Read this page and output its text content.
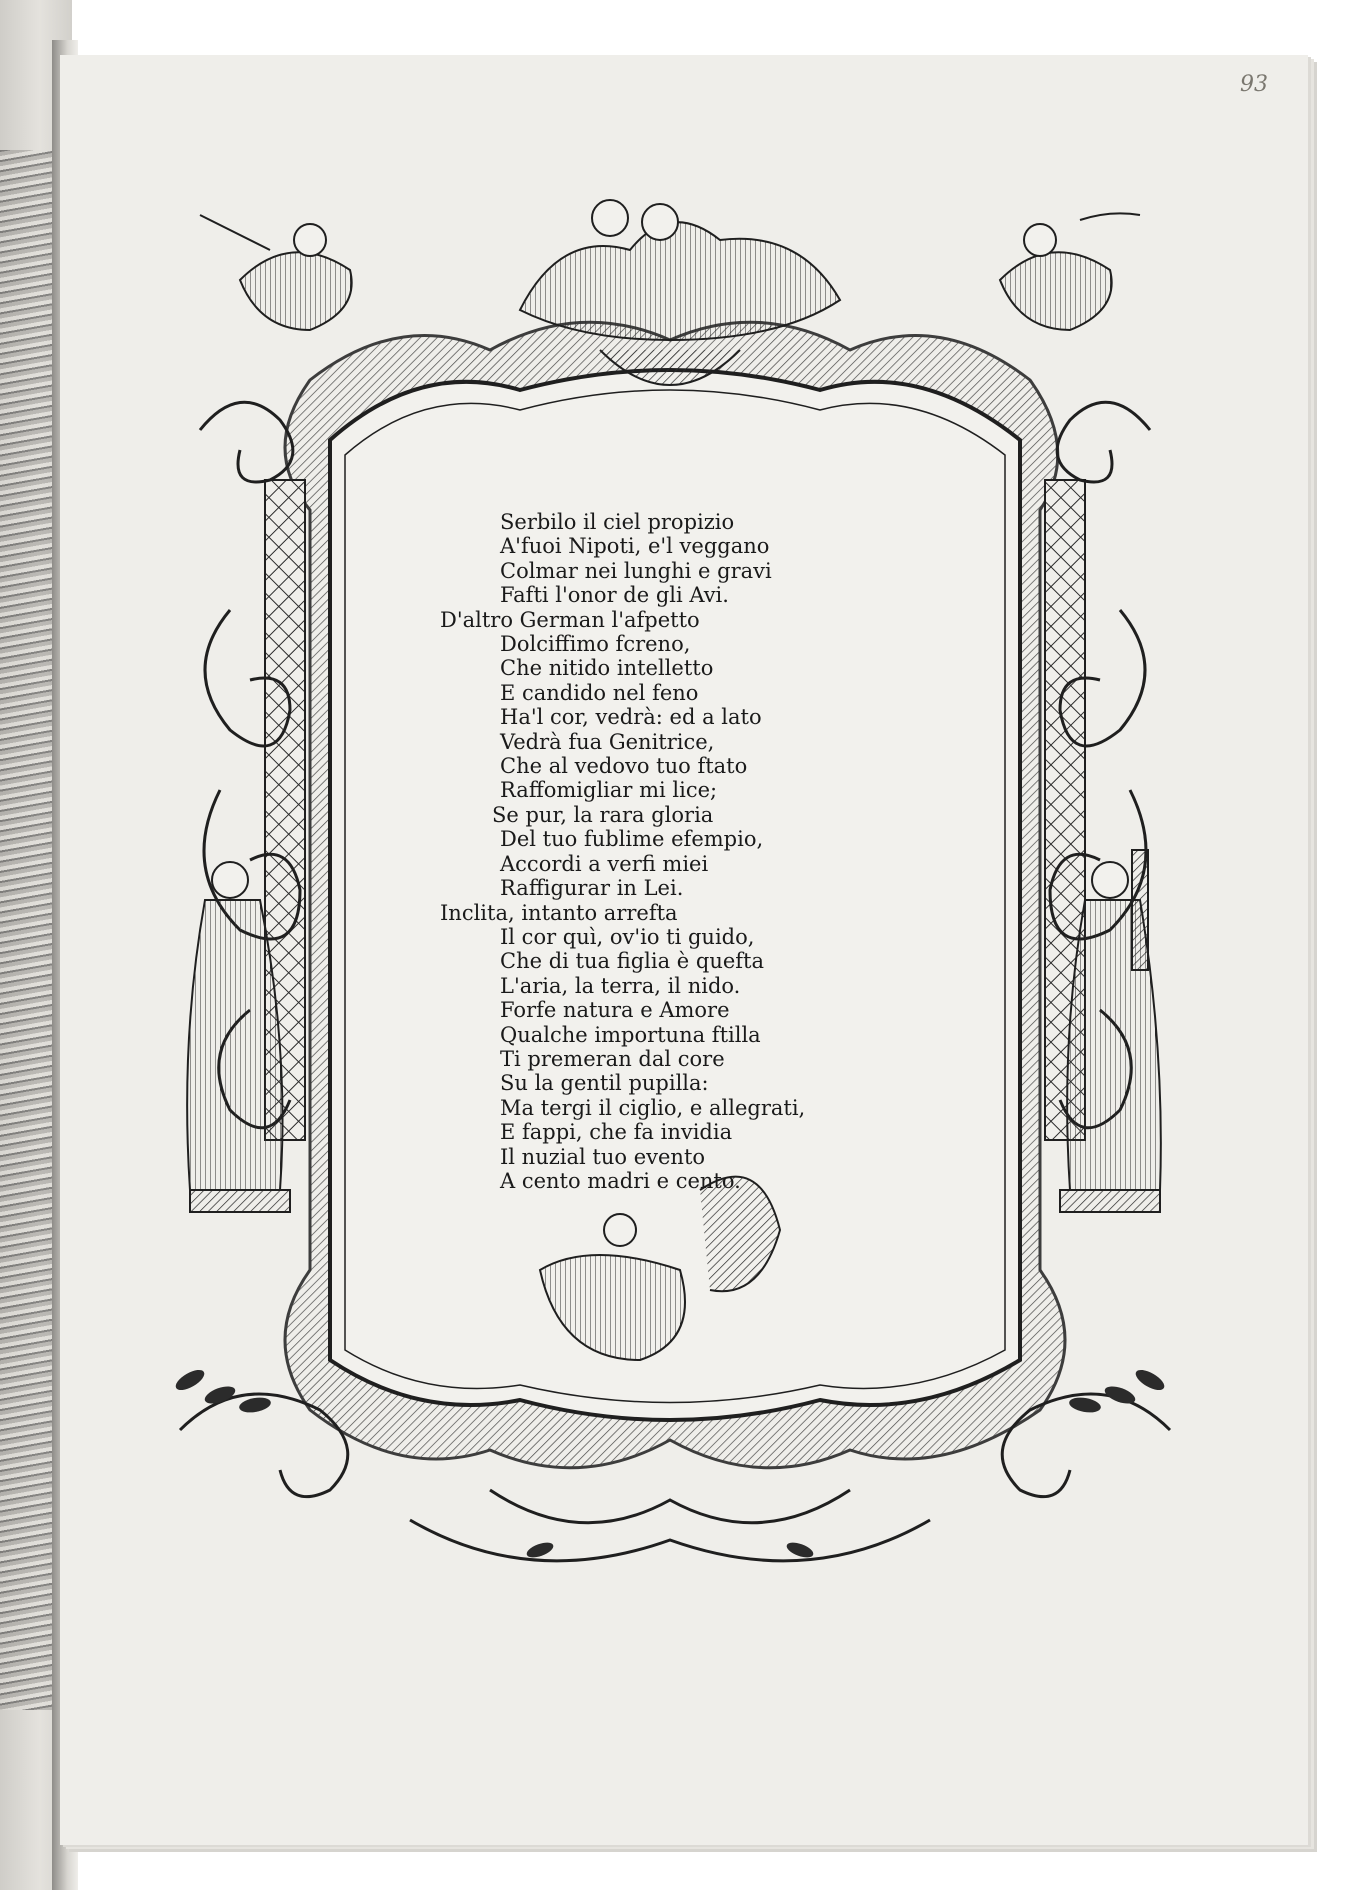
93
Serbilo il ciel propizio
A'fuoi Nipoti, e'l veggano
Colmar nei lunghi e gravi
Fafti l'onor de gli Avi.
D'altro German l'afpetto
Dolciffimo fcreno,
Che nitido intelletto
E candido nel feno
Ha'l cor, vedrà: ed a lato
Vedrà fua Genitrice,
Che al vedovo tuo ftato
Raffomigliar mi lice;
Se pur, la rara gloria
Del tuo fublime efempio,
Accordi a verfi miei
Raffigurar in Lei.
Inclita, intanto arrefta
Il cor quì, ov'io ti guido,
Che di tua figlia è quefta
L'aria, la terra, il nido.
Forfe natura e Amore
Qualche importuna ftilla
Ti premeran dal core
Su la gentil pupilla:
Ma tergi il ciglio, e allegrati,
E fappi, che fa invidia
Il nuzial tuo evento
A cento madri e cento.
